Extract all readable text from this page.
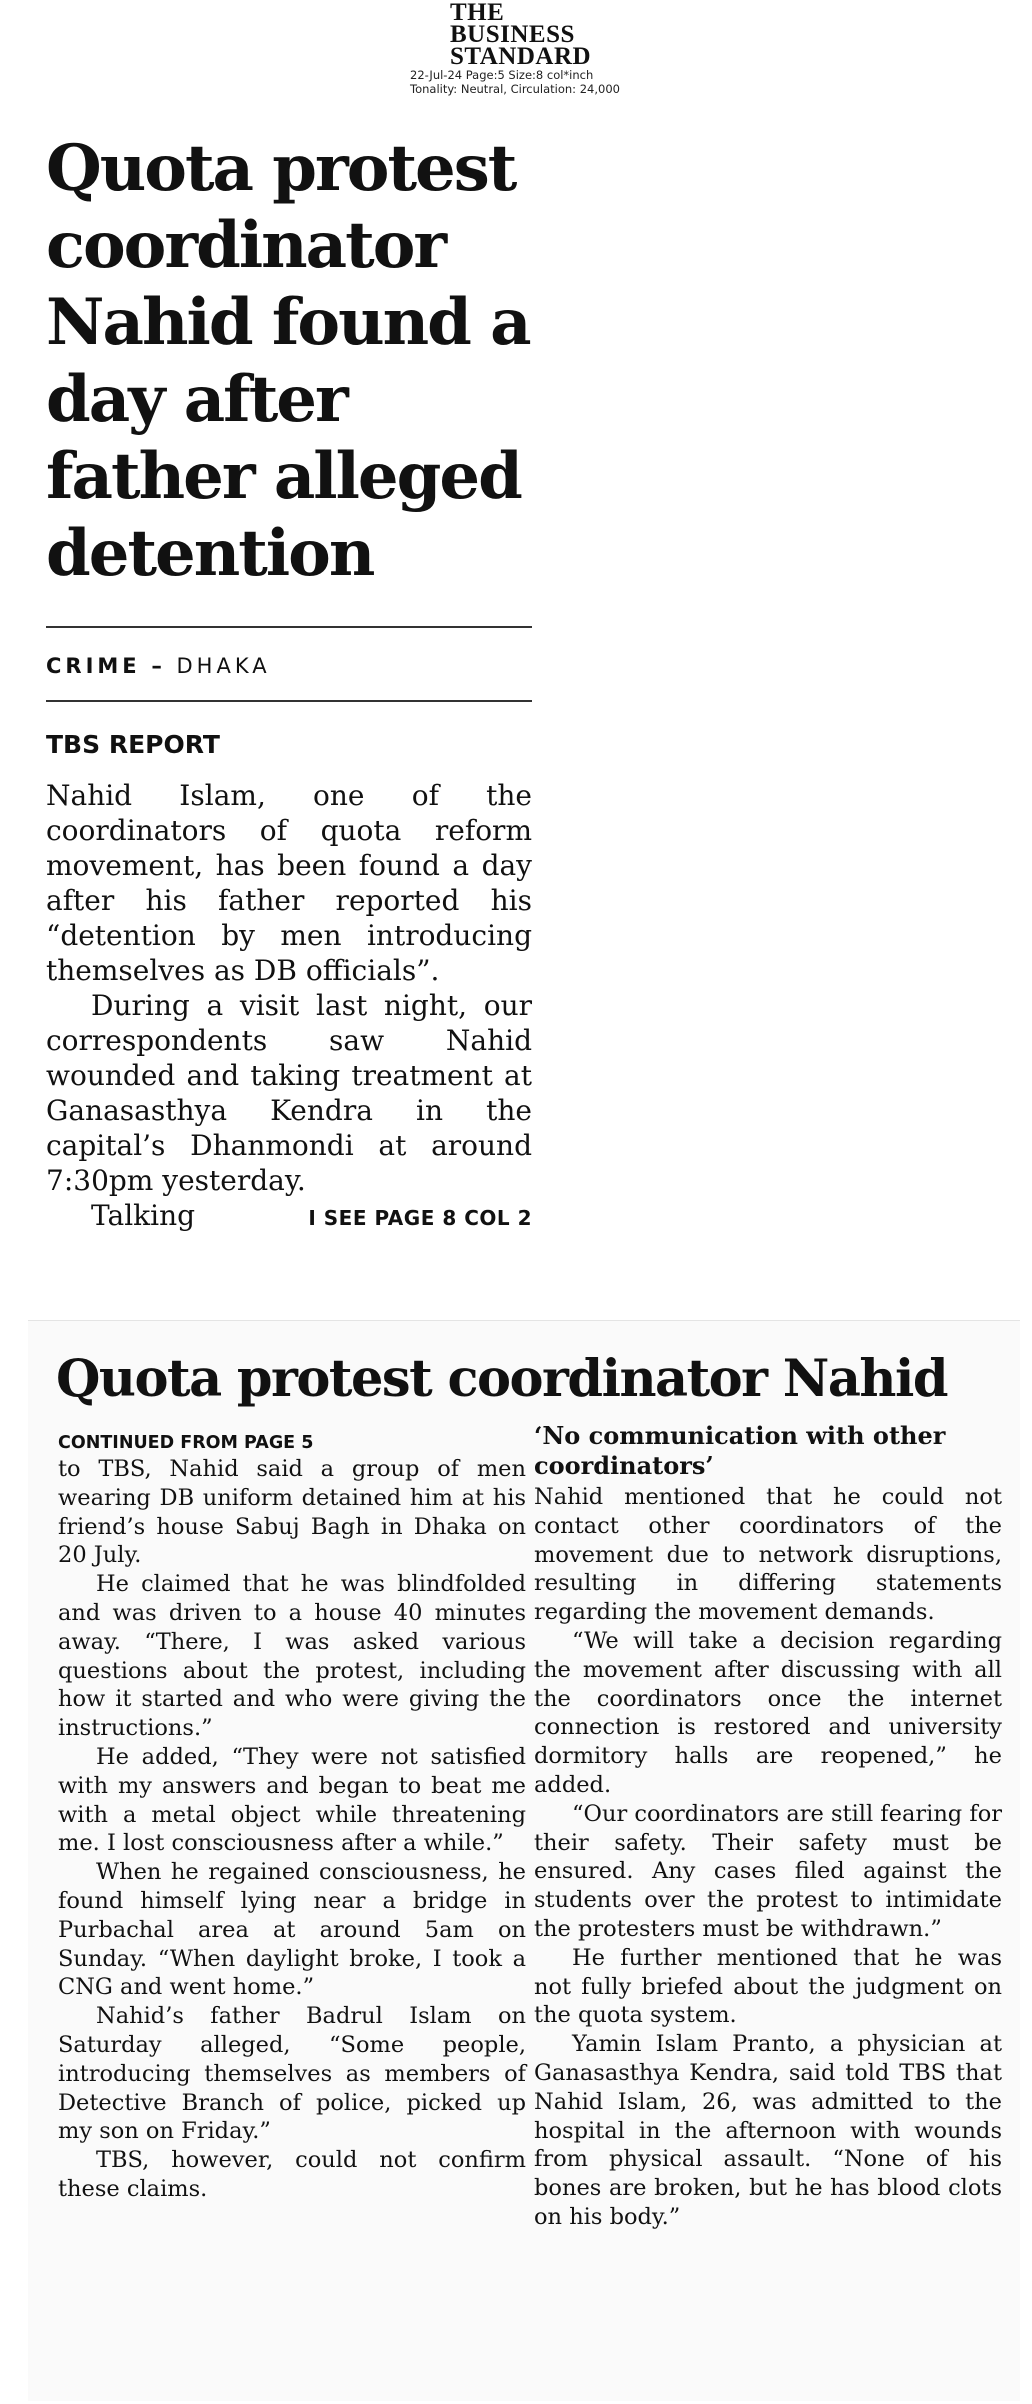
THE
BUSINESS
STANDARD
22-Jul-24 Page:5 Size:8 col*inch
Tonality: Neutral, Circulation: 24,000
Quota protest coordinator Nahid found a day after father alleged detention
CRIME – DHAKA
TBS REPORT

Nahid Islam, one of the coordinators of quota reform movement, has been found a day after his father reported his “detention by men introducing themselves as DB officials”.

During a visit last night, our correspondents saw Nahid wounded and taking treatment at Ganasasthya Kendra in the capital’s Dhanmondi at around 7:30pm yesterday.

Talking	I SEE PAGE 8 COL 2
Quota protest coordinator Nahid
CONTINUED FROM PAGE 5

to TBS, Nahid said a group of men wearing DB uniform detained him at his friend’s house Sabuj Bagh in Dhaka on 20 July.

He claimed that he was blindfolded and was driven to a house 40 minutes away. “There, I was asked various questions about the protest, including how it started and who were giving the instructions.”

He added, “They were not satisfied with my answers and began to beat me with a metal object while threatening me. I lost consciousness after a while.”

When he regained consciousness, he found himself lying near a bridge in Purbachal area at around 5am on Sunday. “When daylight broke, I took a CNG and went home.”

Nahid’s father Badrul Islam on Saturday alleged, “Some people, introducing themselves as members of Detective Branch of police, picked up my son on Friday.”

TBS, however, could not confirm these claims.

‘No communication with other coordinators’

Nahid mentioned that he could not contact other coordinators of the movement due to network disruptions, resulting in differing statements regarding the movement demands.

“We will take a decision regarding the movement after discussing with all the coordinators once the internet connection is restored and university dormitory halls are reopened,” he added.

“Our coordinators are still fearing for their safety. Their safety must be ensured. Any cases filed against the students over the protest to intimidate the protesters must be withdrawn.”

He further mentioned that he was not fully briefed about the judgment on the quota system.

Yamin Islam Pranto, a physician at Ganasasthya Kendra, said told TBS that Nahid Islam, 26, was admitted to the hospital in the afternoon with wounds from physical assault. “None of his bones are broken, but he has blood clots on his body.”
